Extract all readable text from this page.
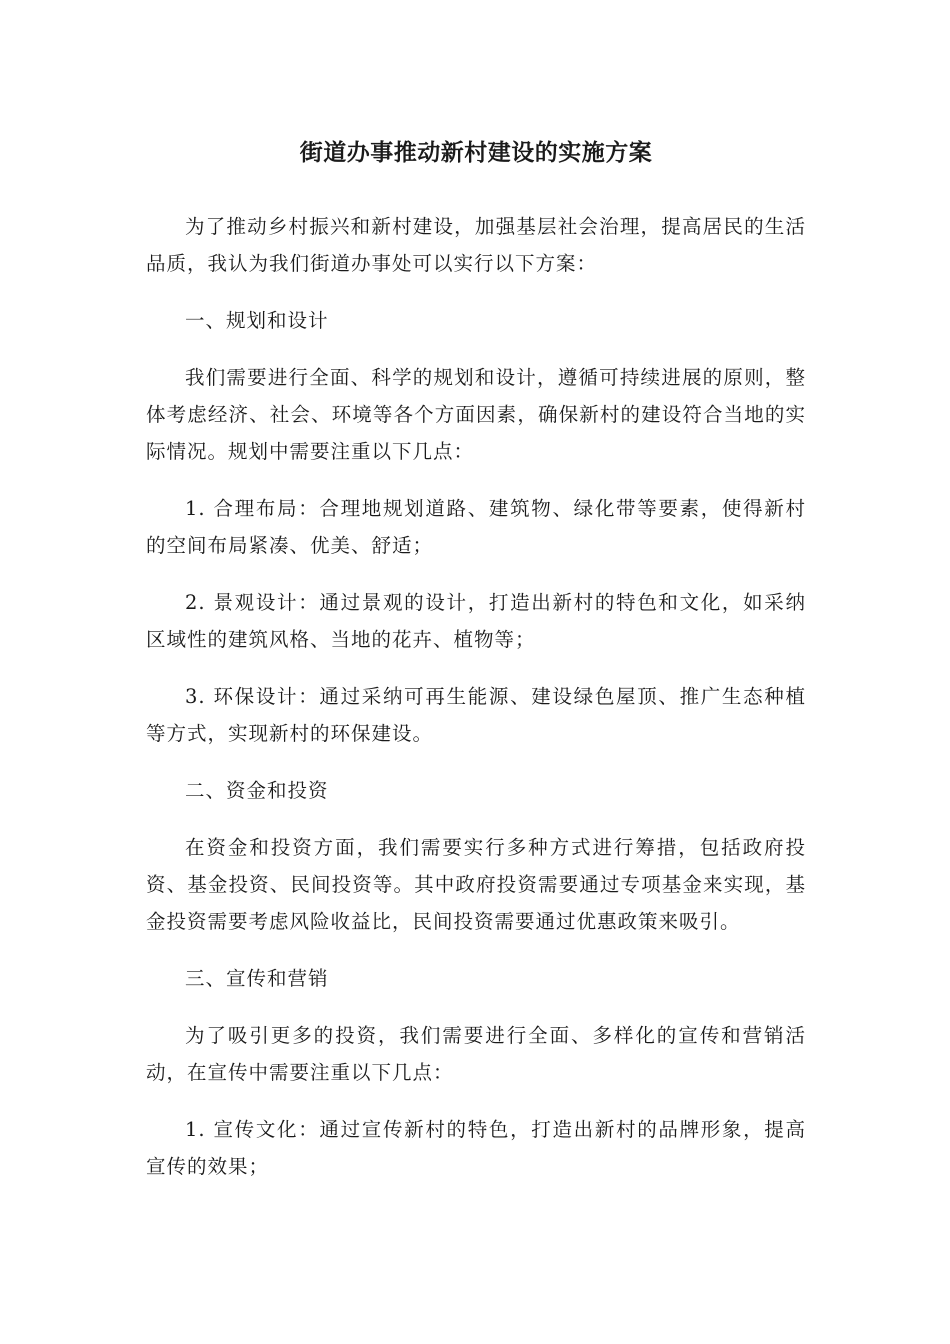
街道办事推动新村建设的实施方案

为了推动乡村振兴和新村建设，加强基层社会治理，提高居民的生活品质，我认为我们街道办事处可以实行以下方案：

一、规划和设计

我们需要进行全面、科学的规划和设计，遵循可持续进展的原则，整体考虑经济、社会、环境等各个方面因素，确保新村的建设符合当地的实际情况。规划中需要注重以下几点：

1. 合理布局：合理地规划道路、建筑物、绿化带等要素，使得新村的空间布局紧凑、优美、舒适；

2. 景观设计：通过景观的设计，打造出新村的特色和文化，如采纳区域性的建筑风格、当地的花卉、植物等；

3. 环保设计：通过采纳可再生能源、建设绿色屋顶、推广生态种植等方式，实现新村的环保建设。

二、资金和投资

在资金和投资方面，我们需要实行多种方式进行筹措，包括政府投资、基金投资、民间投资等。其中政府投资需要通过专项基金来实现，基金投资需要考虑风险收益比，民间投资需要通过优惠政策来吸引。

三、宣传和营销

为了吸引更多的投资，我们需要进行全面、多样化的宣传和营销活动，在宣传中需要注重以下几点：

1. 宣传文化：通过宣传新村的特色，打造出新村的品牌形象，提高宣传的效果；
